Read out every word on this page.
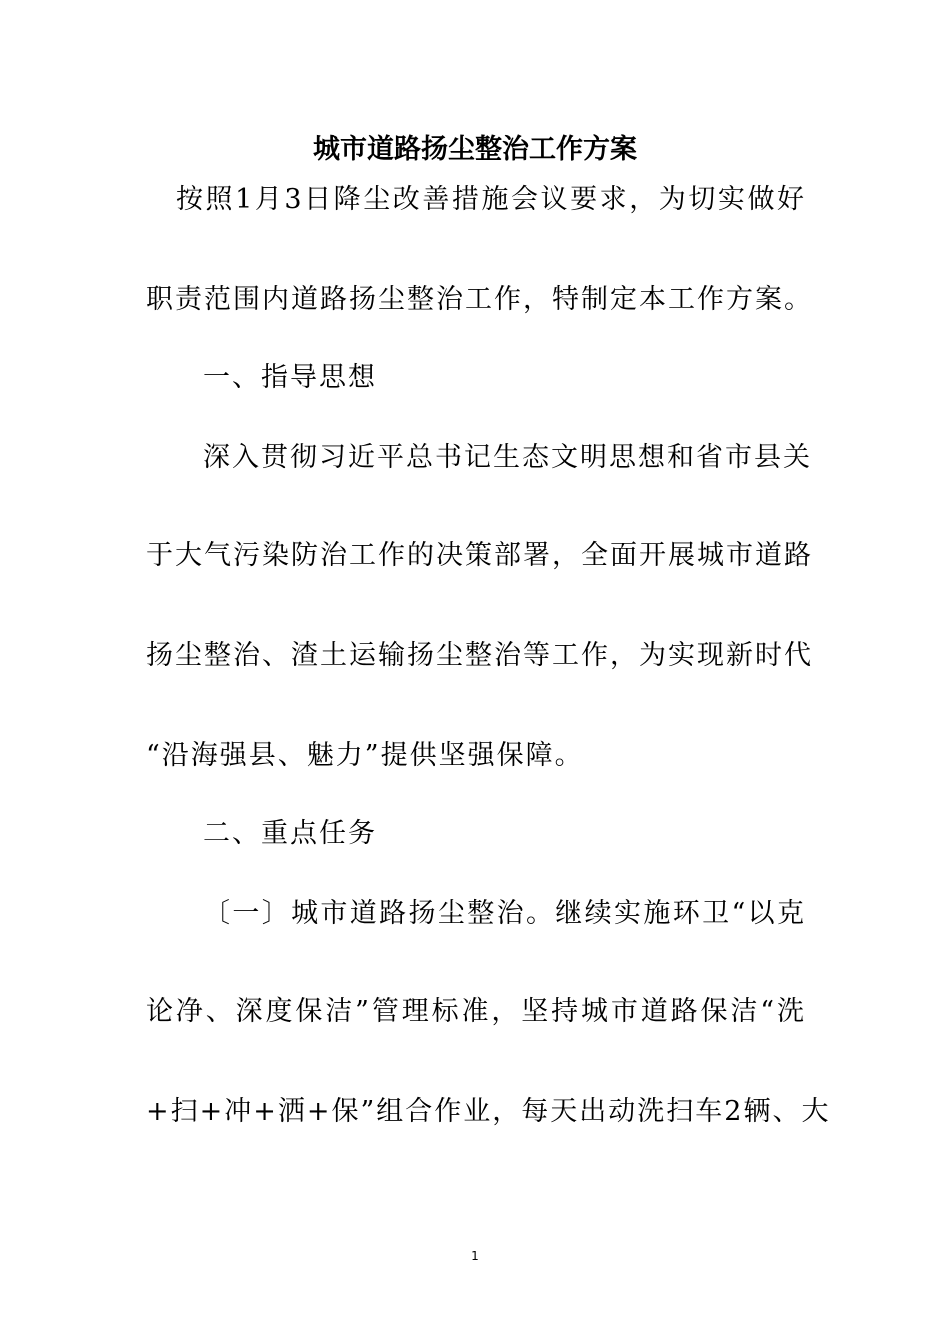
城市道路扬尘整治工作方案
按照1月3日降尘改善措施会议要求，为切实做好
职责范围内道路扬尘整治工作，特制定本工作方案。
一、指导思想
深入贯彻习近平总书记生态文明思想和省市县关
于大气污染防治工作的决策部署，全面开展城市道路
扬尘整治、渣土运输扬尘整治等工作，为实现新时代
“沿海强县、魅力”提供坚强保障。
二、重点任务
〔一〕城市道路扬尘整治。继续实施环卫“以克
论净、深度保洁”管理标准，坚持城市道路保洁“洗
+扫+冲+洒+保”组合作业，每天出动洗扫车2辆、大
1
